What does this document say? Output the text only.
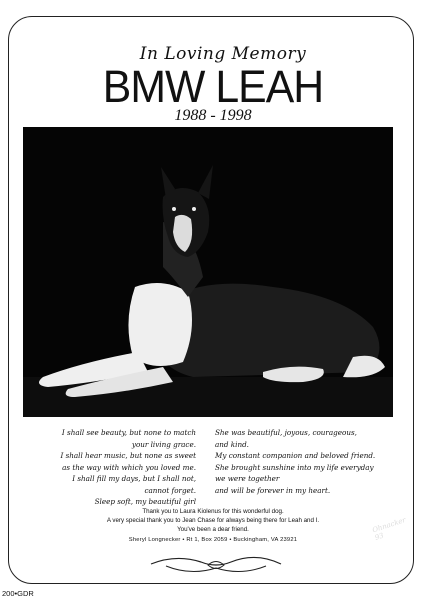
In Loving Memory
BMW LEAH
1988 - 1998
Ohnacker 93
I shall see beauty, but none to match
your living grace.
I shall hear music, but none as sweet
as the way with which you loved me.
I shall fill my days, but I shall not,
cannot forget.
Sleep soft, my beautiful girl
She was beautiful, joyous, courageous,
and kind.
My constant companion and beloved friend.
She brought sunshine into my life everyday
we were together
and will be forever in my heart.
Thank you to Laura Kiolenus for this wonderful dog.
A very special thank you to Jean Chase for always being there for Leah and I.
You've been a dear friend.
Sheryl Longnecker • Rt 1, Box 2059 • Buckingham, VA 23921
200•GDR
